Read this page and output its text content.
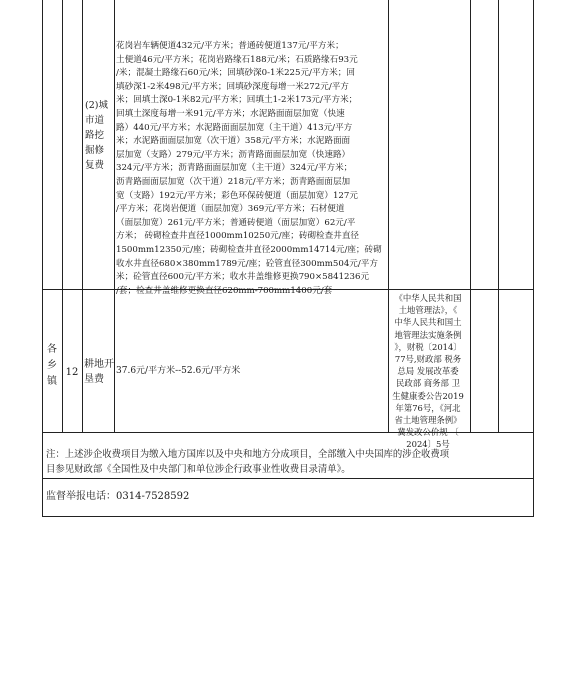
(2)城市道路挖掘修复费
花岗岩车辆便道432元/平方米；普通砖便道137元/平方米；
土便道46元/平方米；花岗岩路缘石188元/米；石质路缘石93元
/米；混凝土路缘石60元/米；回填砂深0-1米225元/平方米；回
填砂深1-2米498元/平方米；回填砂深度每增一米272元/平方
米；回填土深0-1米82元/平方米；回填土1-2米173元/平方米；
回填土深度每增一米91元/平方米；水泥路面面层加宽（快速
路）440元/平方米；水泥路面面层加宽（主干道）413元/平方
米；水泥路面面层加宽（次干道）358元/平方米；水泥路面面
层加宽（支路）279元/平方米；沥青路面面层加宽（快速路）
324元/平方米；沥青路面面层加宽（主干道）324元/平方米；
沥青路面面层加宽（次干道）218元/平方米；沥青路面面层加
宽（支路）192元/平方米；彩色环保砖便道（面层加宽）127元
/平方米；花岗岩便道（面层加宽）369元/平方米；石材便道
（面层加宽）261元/平方米；普通砖便道（面层加宽）62元/平
方米； 砖砌检查井直径1000mm10250元/座；砖砌检查井直径
1500mm12350元/座；砖砌检查井直径2000mm14714元/座；砖砌
收水井直径680×380mm1789元/座；砼管直径300mm504元/平方
米；砼管直径600元/平方米；收水井盖维修更换790×5841236元
/套；检查井盖维修更换直径620mm-700mm1400元/套
各乡镇
12
耕地开垦费
37.6元/平方米--52.6元/平方米
《中华人民共和国
土地管理法》，《
中华人民共和国土
地管理法实施条例
》，财税〔2014〕
77号,财政部 税务
总局 发展改革委
民政部 商务部 卫
生健康委公告2019
年第76号，《河北
省土地管理条例》
冀发改公价规 〔
2024〕5号
注：上述涉企收费项目为缴入地方国库以及中央和地方分成项目，全部缴入中央国库的涉企收费项
目参见财政部《全国性及中央部门和单位涉企行政事业性收费目录清单》。
监督举报电话：0314-7528592
